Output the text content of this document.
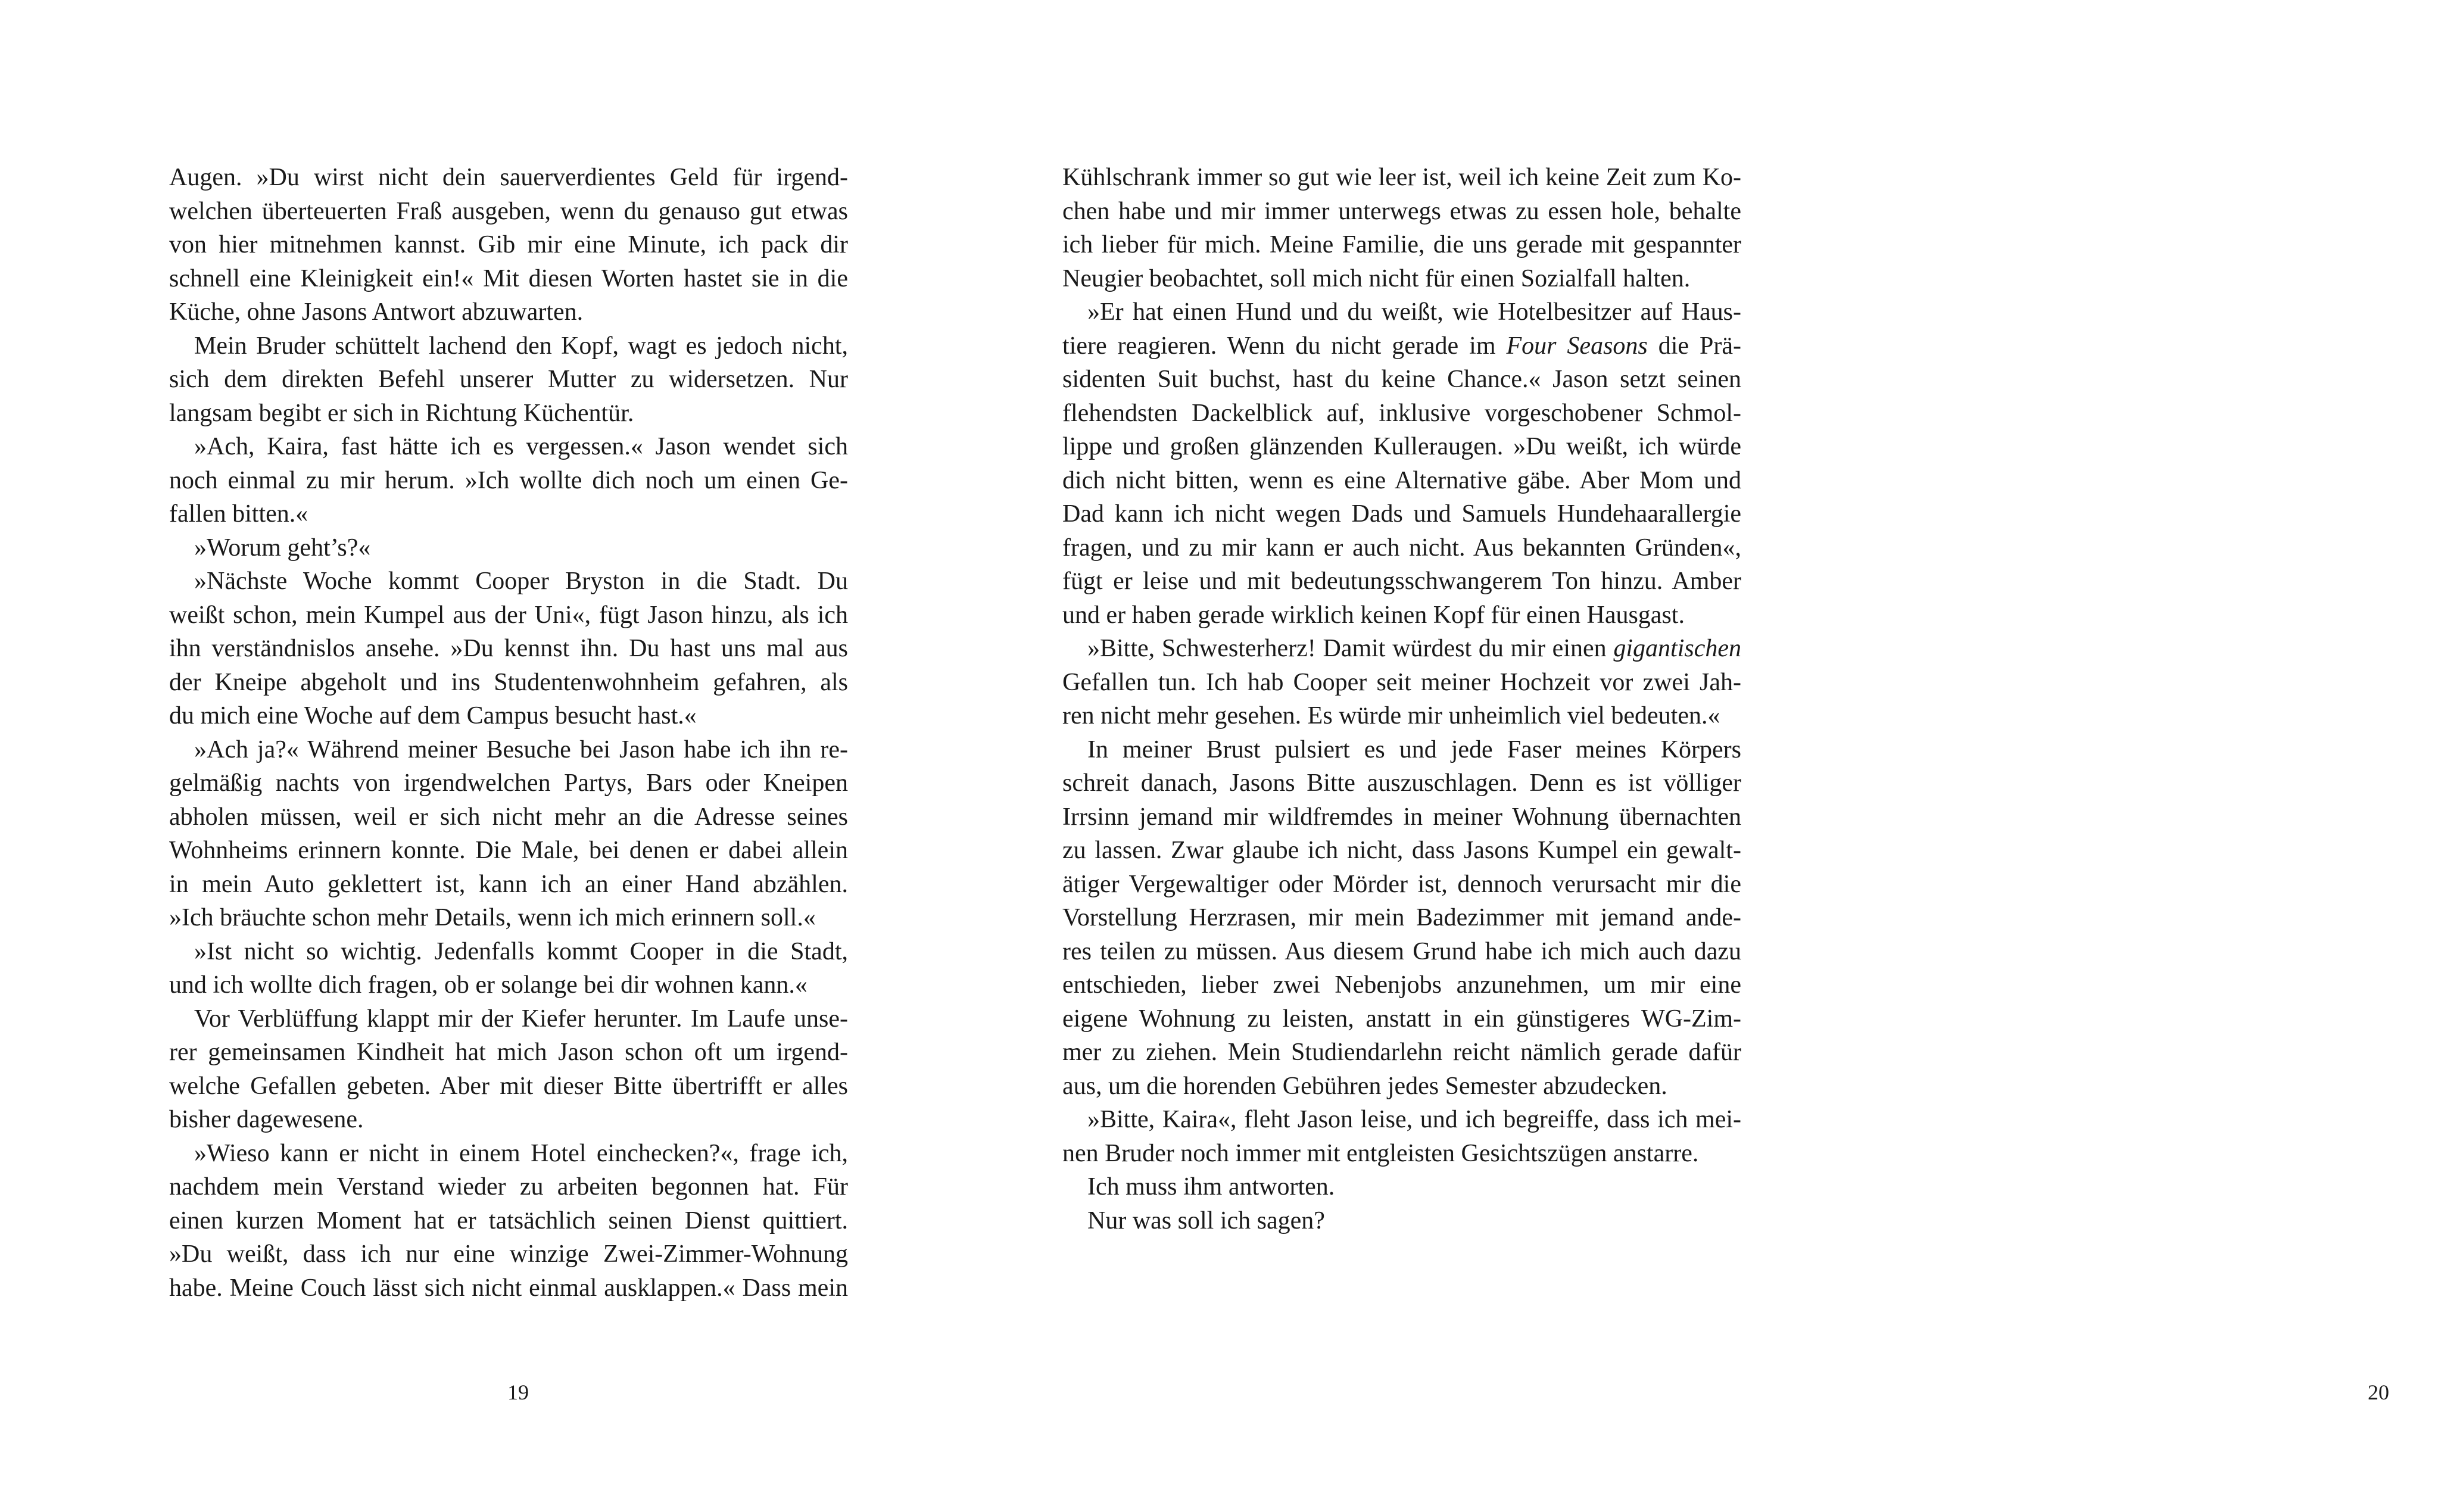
Augen. »Du wirst nicht dein sauerverdientes Geld für irgend-
welchen überteuerten Fraß ausgeben, wenn du genauso gut etwas
von hier mitnehmen kannst. Gib mir eine Minute, ich pack dir
schnell eine Kleinigkeit ein!« Mit diesen Worten hastet sie in die
Küche, ohne Jasons Antwort abzuwarten.
Mein Bruder schüttelt lachend den Kopf, wagt es jedoch nicht,
sich dem direkten Befehl unserer Mutter zu widersetzen. Nur
langsam begibt er sich in Richtung Küchentür.
»Ach, Kaira, fast hätte ich es vergessen.« Jason wendet sich
noch einmal zu mir herum. »Ich wollte dich noch um einen Ge-
fallen bitten.«
»Worum geht’s?«
»Nächste Woche kommt Cooper Bryston in die Stadt. Du
weißt schon, mein Kumpel aus der Uni«, fügt Jason hinzu, als ich
ihn verständnislos ansehe. »Du kennst ihn. Du hast uns mal aus
der Kneipe abgeholt und ins Studentenwohnheim gefahren, als
du mich eine Woche auf dem Campus besucht hast.«
»Ach ja?« Während meiner Besuche bei Jason habe ich ihn re-
gelmäßig nachts von irgendwelchen Partys, Bars oder Kneipen
abholen müssen, weil er sich nicht mehr an die Adresse seines
Wohnheims erinnern konnte. Die Male, bei denen er dabei allein
in mein Auto geklettert ist, kann ich an einer Hand abzählen.
»Ich bräuchte schon mehr Details, wenn ich mich erinnern soll.«
»Ist nicht so wichtig. Jedenfalls kommt Cooper in die Stadt,
und ich wollte dich fragen, ob er solange bei dir wohnen kann.«
Vor Verblüffung klappt mir der Kiefer herunter. Im Laufe unse-
rer gemeinsamen Kindheit hat mich Jason schon oft um irgend-
welche Gefallen gebeten. Aber mit dieser Bitte übertrifft er alles
bisher dagewesene.
»Wieso kann er nicht in einem Hotel einchecken?«, frage ich,
nachdem mein Verstand wieder zu arbeiten begonnen hat. Für
einen kurzen Moment hat er tatsächlich seinen Dienst quittiert.
»Du weißt, dass ich nur eine winzige Zwei-Zimmer-Wohnung
habe. Meine Couch lässt sich nicht einmal ausklappen.« Dass mein
19
Kühlschrank immer so gut wie leer ist, weil ich keine Zeit zum Ko-
chen habe und mir immer unterwegs etwas zu essen hole, behalte
ich lieber für mich. Meine Familie, die uns gerade mit gespannter
Neugier beobachtet, soll mich nicht für einen Sozialfall halten.
»Er hat einen Hund und du weißt, wie Hotelbesitzer auf Haus-
tiere reagieren. Wenn du nicht gerade im Four Seasons die Prä-
sidenten Suit buchst, hast du keine Chance.« Jason setzt seinen
flehendsten Dackelblick auf, inklusive vorgeschobener Schmol-
lippe und großen glänzenden Kulleraugen. »Du weißt, ich würde
dich nicht bitten, wenn es eine Alternative gäbe. Aber Mom und
Dad kann ich nicht wegen Dads und Samuels Hundehaarallergie
fragen, und zu mir kann er auch nicht. Aus bekannten Gründen«,
fügt er leise und mit bedeutungsschwangerem Ton hinzu. Amber
und er haben gerade wirklich keinen Kopf für einen Hausgast.
»Bitte, Schwesterherz! Damit würdest du mir einen gigantischen
Gefallen tun. Ich hab Cooper seit meiner Hochzeit vor zwei Jah-
ren nicht mehr gesehen. Es würde mir unheimlich viel bedeuten.«
In meiner Brust pulsiert es und jede Faser meines Körpers
schreit danach, Jasons Bitte auszuschlagen. Denn es ist völliger
Irrsinn jemand mir wildfremdes in meiner Wohnung übernachten
zu lassen. Zwar glaube ich nicht, dass Jasons Kumpel ein gewalt-
ätiger Vergewaltiger oder Mörder ist, dennoch verursacht mir die
Vorstellung Herzrasen, mir mein Badezimmer mit jemand ande-
res teilen zu müssen. Aus diesem Grund habe ich mich auch dazu
entschieden, lieber zwei Nebenjobs anzunehmen, um mir eine
eigene Wohnung zu leisten, anstatt in ein günstigeres WG-Zim-
mer zu ziehen. Mein Studiendarlehn reicht nämlich gerade dafür
aus, um die horenden Gebühren jedes Semester abzudecken.
»Bitte, Kaira«, fleht Jason leise, und ich begreiffe, dass ich mei-
nen Bruder noch immer mit entgleisten Gesichtszügen anstarre.
Ich muss ihm antworten.
Nur was soll ich sagen?
20
